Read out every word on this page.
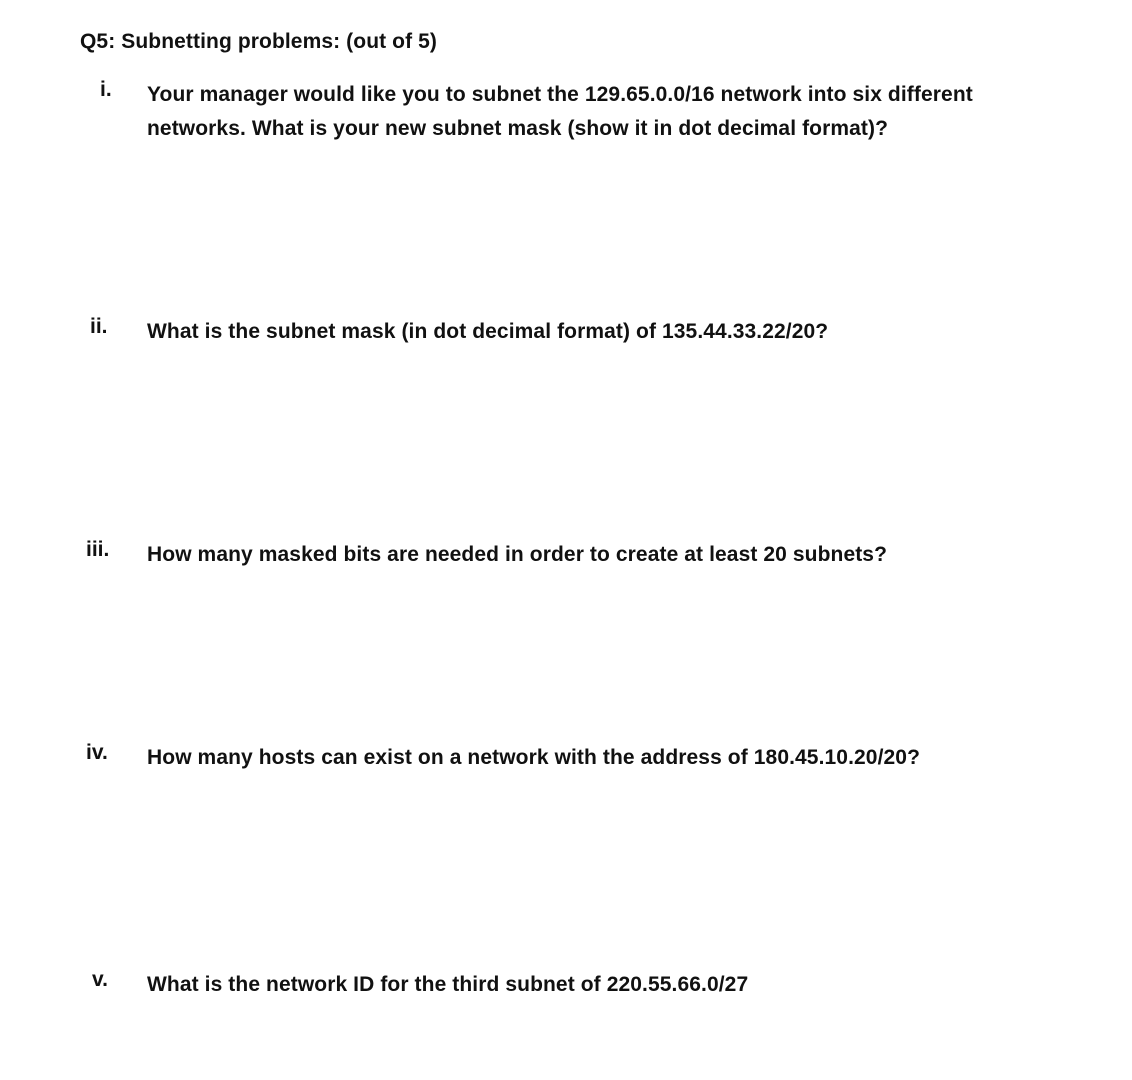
Q5: Subnetting problems: (out of 5)
i. Your manager would like you to subnet the 129.65.0.0/16 network into six different networks. What is your new subnet mask (show it in dot decimal format)?
ii. What is the subnet mask (in dot decimal format) of 135.44.33.22/20?
iii. How many masked bits are needed in order to create at least 20 subnets?
iv. How many hosts can exist on a network with the address of 180.45.10.20/20?
v. What is the network ID for the third subnet of 220.55.66.0/27
